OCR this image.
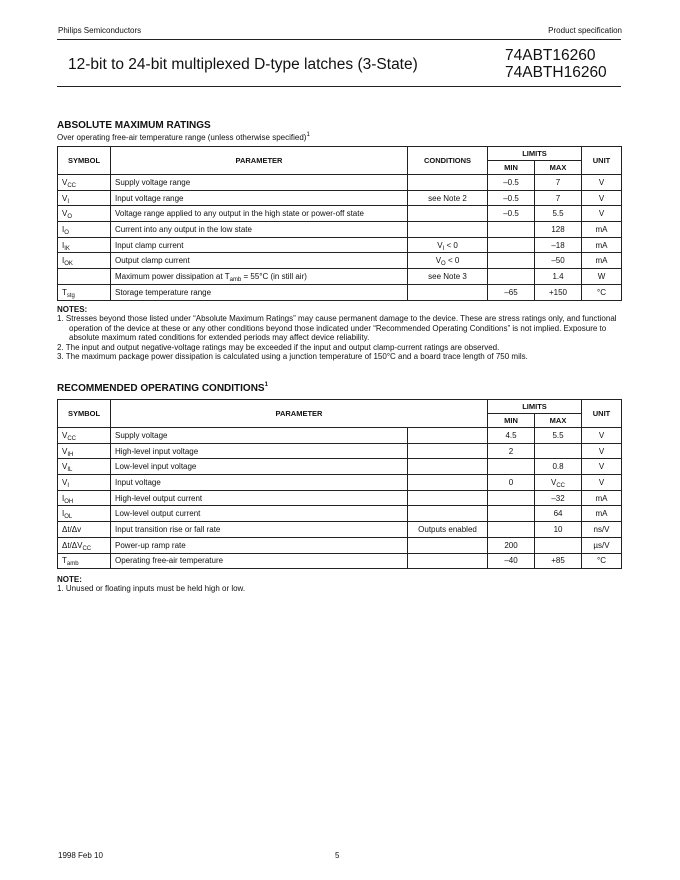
Philips Semiconductors	Product specification
12-bit to 24-bit multiplexed D-type latches (3-State)
74ABT16260
74ABTH16260
ABSOLUTE MAXIMUM RATINGS
Over operating free-air temperature range (unless otherwise specified)$^1$
SYMBOL	PARAMETER	CONDITIONS	LIMITS		UNIT
			MIN	MAX	
$V_{CC}$	Supply voltage range		–0.5	7	V
$V_I$	Input voltage range	see Note 2	–0.5	7	V
$V_O$	Voltage range applied to any output in the high state or power-off state		–0.5	5.5	V
$I_O$	Current into any output in the low state			128	mA
$I_{IK}$	Input clamp current	$V_I < 0$		–18	mA
$I_{OK}$	Output clamp current	$V_O < 0$		–50	mA
	Maximum power dissipation at $T_{amb} = 55^\circ C$ (in still air)	see Note 3		1.4	W
$T_{stg}$	Storage temperature range		–65	+150	°C
NOTES:
1. Stresses beyond those listed under “Absolute Maximum Ratings” may cause permanent damage to the device. These are stress ratings only, and functional operation of the device at these or any other conditions beyond those indicated under “Recommended Operating Conditions” is not implied. Exposure to absolute maximum rated conditions for extended periods may affect device reliability.
2. The input and output negative-voltage ratings may be exceeded if the input and output clamp-current ratings are observed.
3. The maximum package power dissipation is calculated using a junction temperature of 150°C and a board trace length of 750 mils.
RECOMMENDED OPERATING CONDITIONS$^1$
SYMBOL	PARAMETER		LIMITS		UNIT
			MIN	MAX	
$V_{CC}$	Supply voltage		4.5	5.5	V
$V_{IH}$	High-level input voltage		2		V
$V_{IL}$	Low-level input voltage			0.8	V
$V_I$	Input voltage		0	$V_{CC}$	V
$I_{OH}$	High-level output current			–32	mA
$I_{OL}$	Low-level output current			64	mA
Δt/Δv	Input transition rise or fall rate	Outputs enabled		10	ns/V
$\Delta t/\Delta V_{CC}$	Power-up ramp rate		200		µs/V
$T_{amb}$	Operating free-air temperature		–40	+85	°C
NOTE:
1. Unused or floating inputs must be held high or low.
1998 Feb 10	5
